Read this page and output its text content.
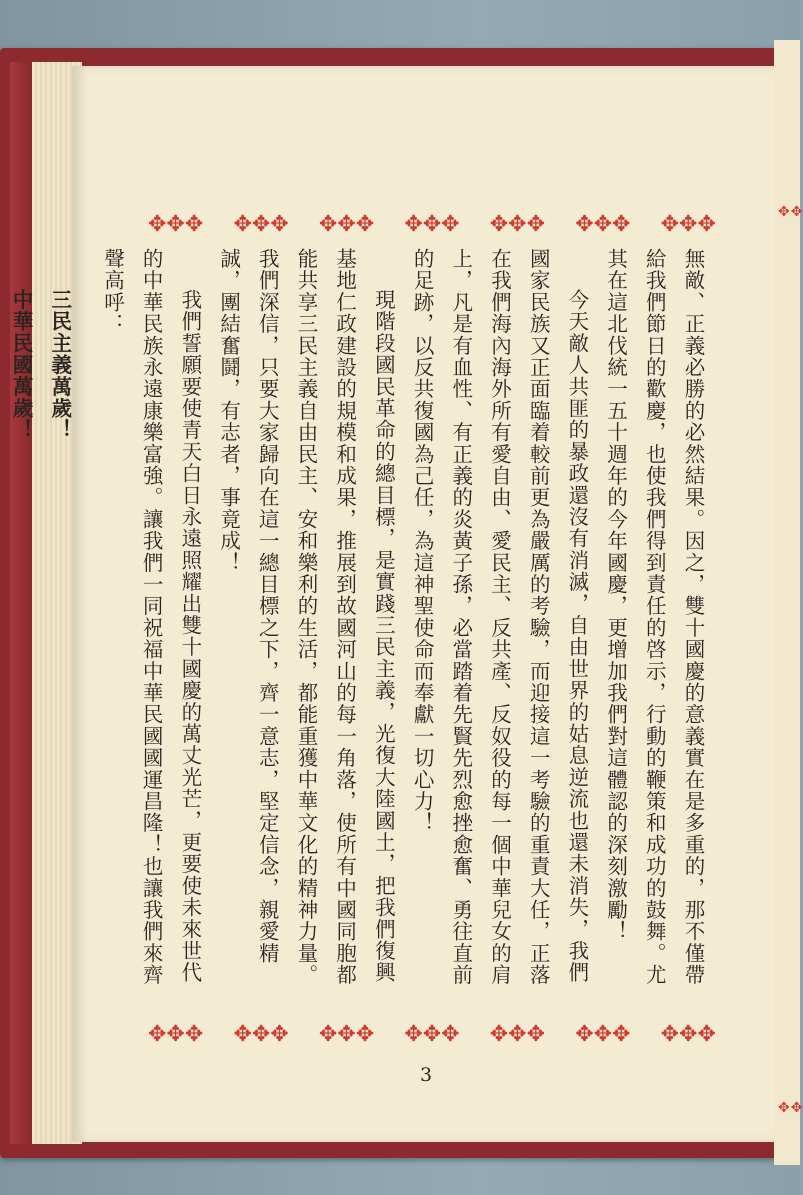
✥✥
✥✥
✥✥✥ ✥✥✥ ✥✥✥ ✥✥✥ ✥✥✥ ✥✥✥ ✥✥✥

無敵、正義必勝的必然結果。因之，雙十國慶的意義實在是多重的，那不僅帶給我們節日的歡慶，也使我們得到責任的啓示，行動的鞭策和成功的鼓舞。尤其在這北伐統一五十週年的今年國慶，更增加我們對這體認的深刻激勵！

今天敵人共匪的暴政還沒有消滅，自由世界的姑息逆流也還未消失，我們國家民族又正面臨着較前更為嚴厲的考驗，而迎接這一考驗的重責大任，正落在我們海內海外所有愛自由、愛民主、反共產、反奴役的每一個中華兒女的肩上，凡是有血性、有正義的炎黃子孫，必當踏着先賢先烈愈挫愈奮、勇往直前的足跡，以反共復國為己任，為這神聖使命而奉獻一切心力！

現階段國民革命的總目標，是實踐三民主義，光復大陸國土，把我們復興基地仁政建設的規模和成果，推展到故國河山的每一角落，使所有中國同胞都能共享三民主義自由民主、安和樂利的生活，都能重獲中華文化的精神力量。我們深信，只要大家歸向在這一總目標之下，齊一意志，堅定信念，親愛精誠，團結奮鬪，有志者，事竟成！

我們誓願要使青天白日永遠照耀出雙十國慶的萬丈光芒，更要使未來世代的中華民族永遠康樂富強。讓我們一同祝福中華民國國運昌隆！也讓我們來齊聲高呼：

三民主義萬歲！

中華民國萬歲！

✥✥✥ ✥✥✥ ✥✥✥ ✥✥✥ ✥✥✥ ✥✥✥ ✥✥✥
3
